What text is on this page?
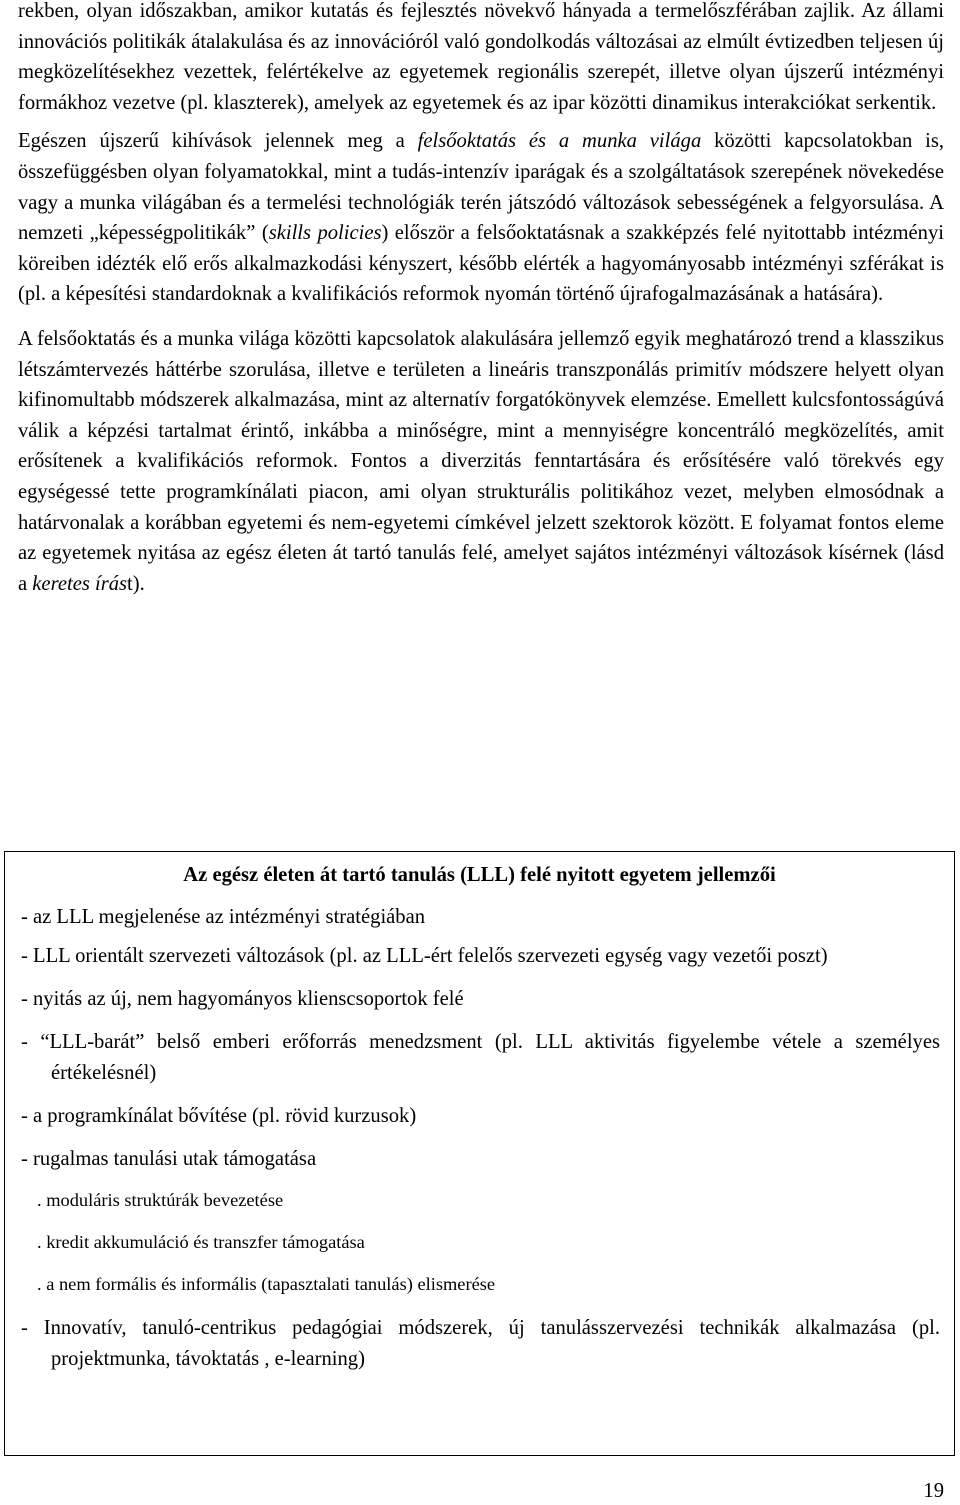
rekben, olyan időszakban, amikor kutatás és fejlesztés növekvő hányada a termelőszférában zajlik. Az állami innovációs politikák átalakulása és az innovációról való gondolkodás változásai az elmúlt évtizedben teljesen új megközelítésekhez vezettek, felértékelve az egyetemek regionális szerepét, illetve olyan újszerű intézményi formákhoz vezetve (pl. klaszterek), amelyek az egyetemek és az ipar közötti dinamikus interakciókat serkentik.

Egészen újszerű kihívások jelennek meg a felsőoktatás és a munka világa közötti kapcsolatokban is, összefüggésben olyan folyamatokkal, mint a tudás-intenzív iparágak és a szolgáltatások szerepének növekedése vagy a munka világában és a termelési technológiák terén játszódó változások sebességének a felgyorsulása. A nemzeti „képességpolitikák” (skills policies) először a felsőoktatásnak a szakképzés felé nyitottabb intézményi köreiben idézték elő erős alkalmazkodási kényszert, később elérték a hagyományosabb intézményi szférákat is (pl. a képesítési standardoknak a kvalifikációs reformok nyomán történő újrafogalmazásának a hatására).

A felsőoktatás és a munka világa közötti kapcsolatok alakulására jellemző egyik meghatározó trend a klasszikus létszámtervezés háttérbe szorulása, illetve e területen a lineáris transzponálás primitív módszere helyett olyan kifinomultabb módszerek alkalmazása, mint az alternatív forgatókönyvek elemzése. Emellett kulcsfontosságúvá válik a képzési tartalmat érintő, inkábba a minőségre, mint a mennyiségre koncentráló megközelítés, amit erősítenek a kvalifikációs reformok. Fontos a diverzitás fenntartására és erősítésére való törekvés egy egységessé tette programkínálati piacon, ami olyan strukturális politikához vezet, melyben elmosódnak a határvonalak a korábban egyetemi és nem-egyetemi címkével jelzett szektorok között. E folyamat fontos eleme az egyetemek nyitása az egész életen át tartó tanulás felé, amelyet sajátos intézményi változások kísérnek (lásd a keretes írást).

Az egész életen át tartó tanulás (LLL) felé nyitott egyetem jellemzői

- az LLL megjelenése az intézményi stratégiában

- LLL orientált szervezeti változások (pl. az LLL-ért felelős szervezeti egység vagy vezetői poszt)

- nyitás az új, nem hagyományos klienscsoportok felé

- “LLL-barát” belső emberi erőforrás menedzsment (pl. LLL aktivitás figyelembe vétele a személyes értékelésnél)

- a programkínálat bővítése (pl. rövid kurzusok)

- rugalmas tanulási utak támogatása

. moduláris struktúrák bevezetése

. kredit akkumuláció és transzfer támogatása

. a nem formális és informális (tapasztalati tanulás) elismerése

- Innovatív, tanuló-centrikus pedagógiai módszerek, új tanulásszervezési technikák alkalmazása (pl. projektmunka, távoktatás , e-learning)

19
